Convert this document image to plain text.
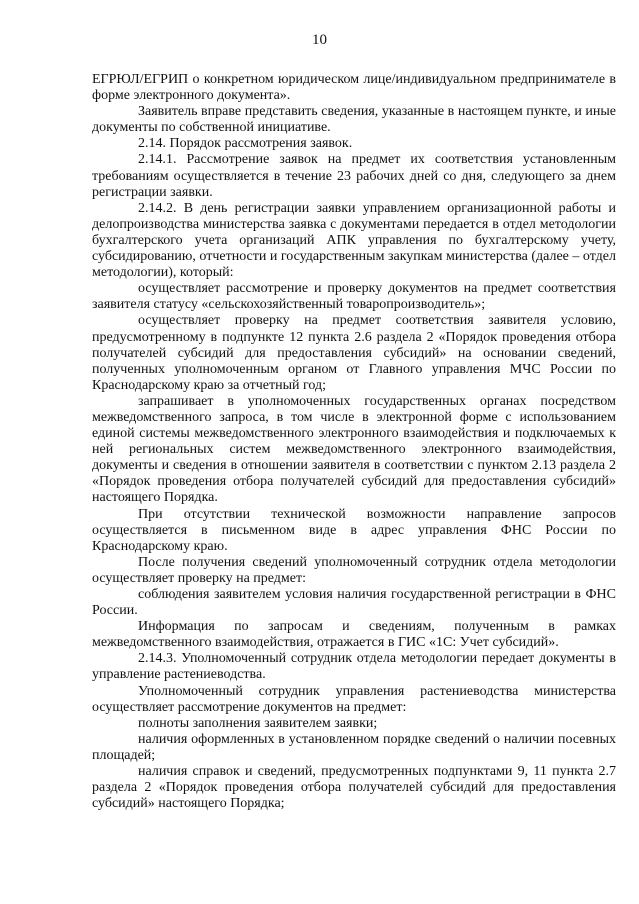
10

ЕГРЮЛ/ЕГРИП о конкретном юридическом лице/индивидуальном предпринимателе в форме электронного документа».

Заявитель вправе представить сведения, указанные в настоящем пункте, и иные документы по собственной инициативе.

2.14. Порядок рассмотрения заявок.

2.14.1. Рассмотрение заявок на предмет их соответствия установленным требованиям осуществляется в течение 23 рабочих дней со дня, следующего за днем регистрации заявки.

2.14.2. В день регистрации заявки управлением организационной работы и делопроизводства министерства заявка с документами передается в отдел методологии бухгалтерского учета организаций АПК управления по бухгалтерскому учету, субсидированию, отчетности и государственным закупкам министерства (далее – отдел методологии), который:

осуществляет рассмотрение и проверку документов на предмет соответствия заявителя статусу «сельскохозяйственный товаропроизводитель»;

осуществляет проверку на предмет соответствия заявителя условию, предусмотренному в подпункте 12 пункта 2.6 раздела 2 «Порядок проведения отбора получателей субсидий для предоставления субсидий» на основании сведений, полученных уполномоченным органом от Главного управления МЧС России по Краснодарскому краю за отчетный год;

запрашивает в уполномоченных государственных органах посредством межведомственного запроса, в том числе в электронной форме с использованием единой системы межведомственного электронного взаимодействия и подключаемых к ней региональных систем межведомственного электронного взаимодействия, документы и сведения в отношении заявителя в соответствии с пунктом 2.13 раздела 2 «Порядок проведения отбора получателей субсидий для предоставления субсидий» настоящего Порядка.

При отсутствии технической возможности направление запросов осуществляется в письменном виде в адрес управления ФНС России по Краснодарскому краю.

После получения сведений уполномоченный сотрудник отдела методологии осуществляет проверку на предмет:

соблюдения заявителем условия наличия государственной регистрации в ФНС России.

Информация по запросам и сведениям, полученным в рамках межведомственного взаимодействия, отражается в ГИС «1С: Учет субсидий».

2.14.3. Уполномоченный сотрудник отдела методологии передает документы в управление растениеводства.

Уполномоченный сотрудник управления растениеводства министерства осуществляет рассмотрение документов на предмет:

полноты заполнения заявителем заявки;

наличия оформленных в установленном порядке сведений о наличии посевных площадей;

наличия справок и сведений, предусмотренных подпунктами 9, 11 пункта 2.7 раздела 2 «Порядок проведения отбора получателей субсидий для предоставления субсидий» настоящего Порядка;
